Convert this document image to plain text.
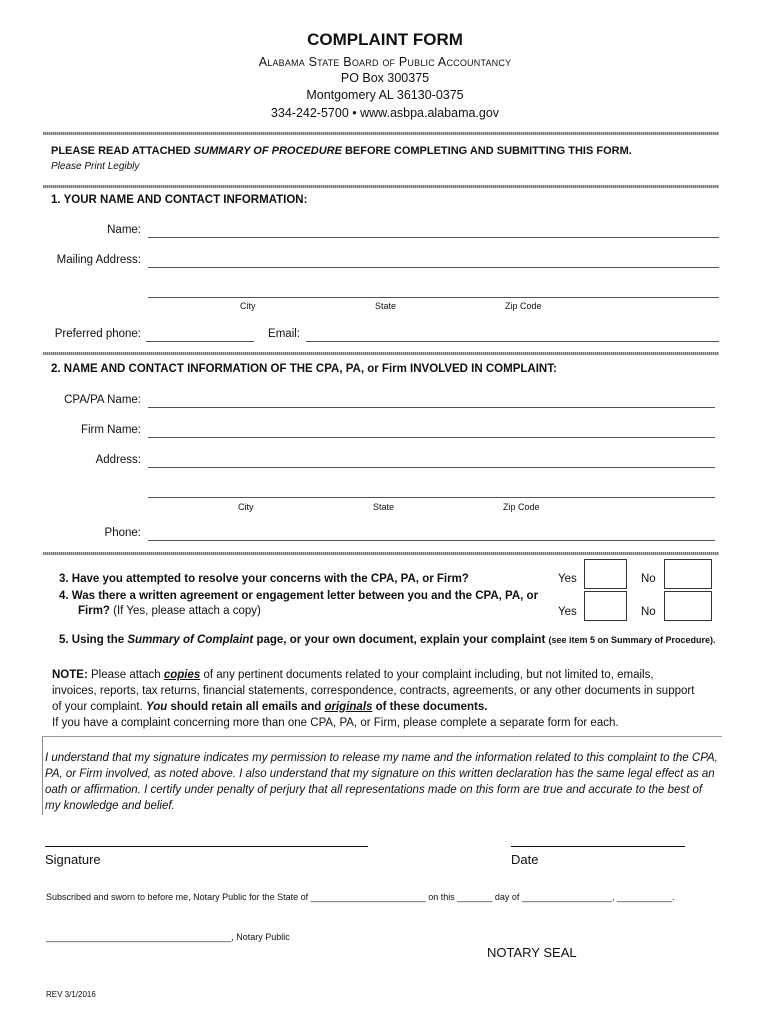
COMPLAINT FORM
Alabama State Board of Public Accountancy
PO Box 300375
Montgomery AL 36130-0375
334-242-5700 • www.asbpa.alabama.gov
PLEASE READ ATTACHED SUMMARY OF PROCEDURE BEFORE COMPLETING AND SUBMITTING THIS FORM.
Please Print Legibly
1. YOUR NAME AND CONTACT INFORMATION:
Name:
Mailing Address:
City	State	Zip Code
Preferred phone:	Email:
2. NAME AND CONTACT INFORMATION OF THE CPA, PA, or Firm INVOLVED IN COMPLAINT:
CPA/PA Name:
Firm Name:
Address:
City	State	Zip Code
Phone:
3. Have you attempted to resolve your concerns with the CPA, PA, or Firm?	Yes	No
4. Was there a written agreement or engagement letter between you and the CPA, PA, or
Firm? (If Yes, please attach a copy)	Yes	No
5. Using the Summary of Complaint page, or your own document, explain your complaint (see item 5 on Summary of Procedure).
NOTE: Please attach copies of any pertinent documents related to your complaint including, but not limited to, emails,
invoices, reports, tax returns, financial statements, correspondence, contracts, agreements, or any other documents in support
of your complaint. You should retain all emails and originals of these documents.
If you have a complaint concerning more than one CPA, PA, or Firm, please complete a separate form for each.
I understand that my signature indicates my permission to release my name and the information related to this complaint to the CPA,
PA, or Firm involved, as noted above. I also understand that my signature on this written declaration has the same legal effect as an
oath or affirmation. I certify under penalty of perjury that all representations made on this form are true and accurate to the best of
my knowledge and belief.
Signature	Date
Subscribed and sworn to before me, Notary Public for the State of _______________________ on this _______ day of __________________, ___________.
_____________________________________, Notary Public
NOTARY SEAL
REV 3/1/2016
